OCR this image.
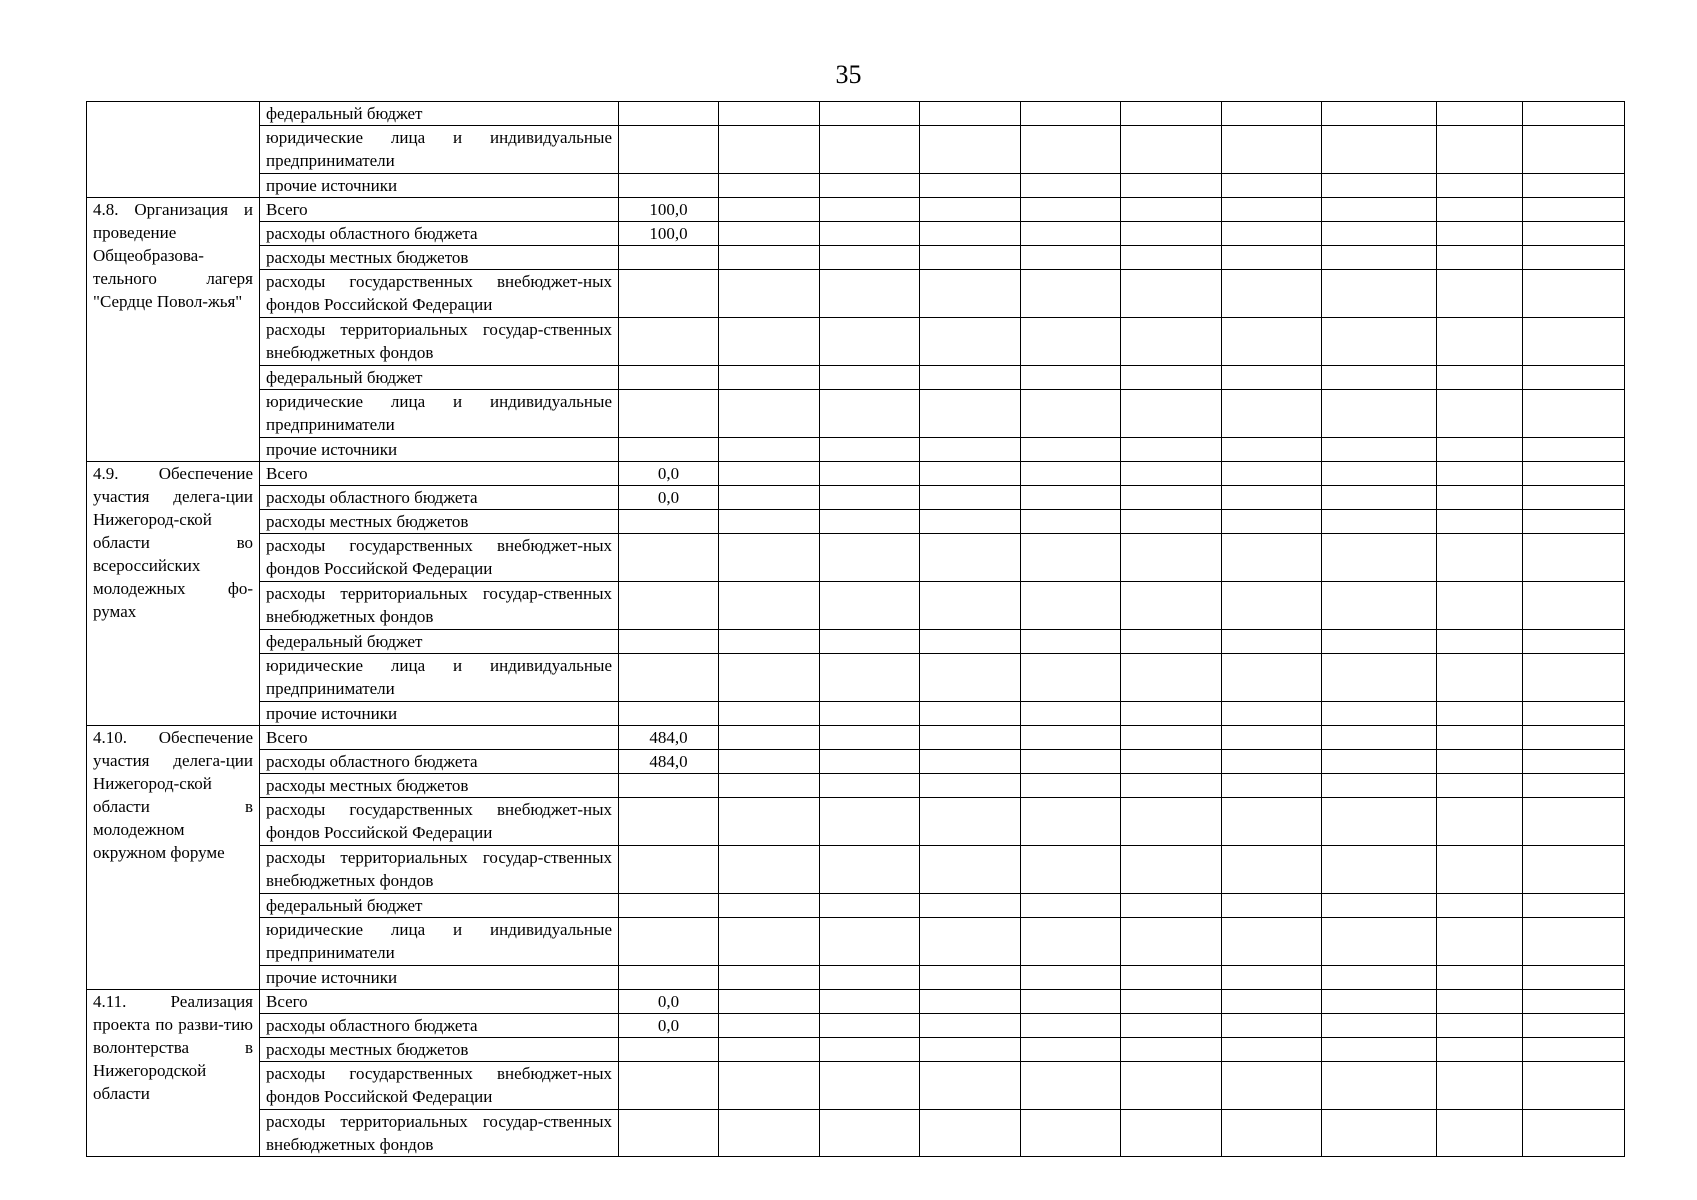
35
	федеральный бюджет										
	юридические лица и индивидуальные предприниматели										
	прочие источники										
4.8. Организация и проведение Общеобразова-тельного лагеря "Сердце Повол-жья"	Всего	100,0									
	расходы областного бюджета	100,0									
	расходы местных бюджетов										
	расходы государственных внебюджет-ных фондов Российской Федерации										
	расходы территориальных государ-ственных внебюджетных фондов										
	федеральный бюджет										
	юридические лица и индивидуальные предприниматели										
	прочие источники										
4.9. Обеспечение участия делега-ции Нижегород-ской области во всероссийских молодежных фо-румах	Всего	0,0									
	расходы областного бюджета	0,0									
	расходы местных бюджетов										
	расходы государственных внебюджет-ных фондов Российской Федерации										
	расходы территориальных государ-ственных внебюджетных фондов										
	федеральный бюджет										
	юридические лица и индивидуальные предприниматели										
	прочие источники										
4.10. Обеспечение участия делега-ции Нижегород-ской области в молодежном окружном форуме	Всего	484,0									
	расходы областного бюджета	484,0									
	расходы местных бюджетов										
	расходы государственных внебюджет-ных фондов Российской Федерации										
	расходы территориальных государ-ственных внебюджетных фондов										
	федеральный бюджет										
	юридические лица и индивидуальные предприниматели										
	прочие источники										
4.11. Реализация проекта по разви-тию волонтерства в Нижегородской области	Всего	0,0									
	расходы областного бюджета	0,0									
	расходы местных бюджетов										
	расходы государственных внебюджет-ных фондов Российской Федерации										
	расходы территориальных государ-ственных внебюджетных фондов										
